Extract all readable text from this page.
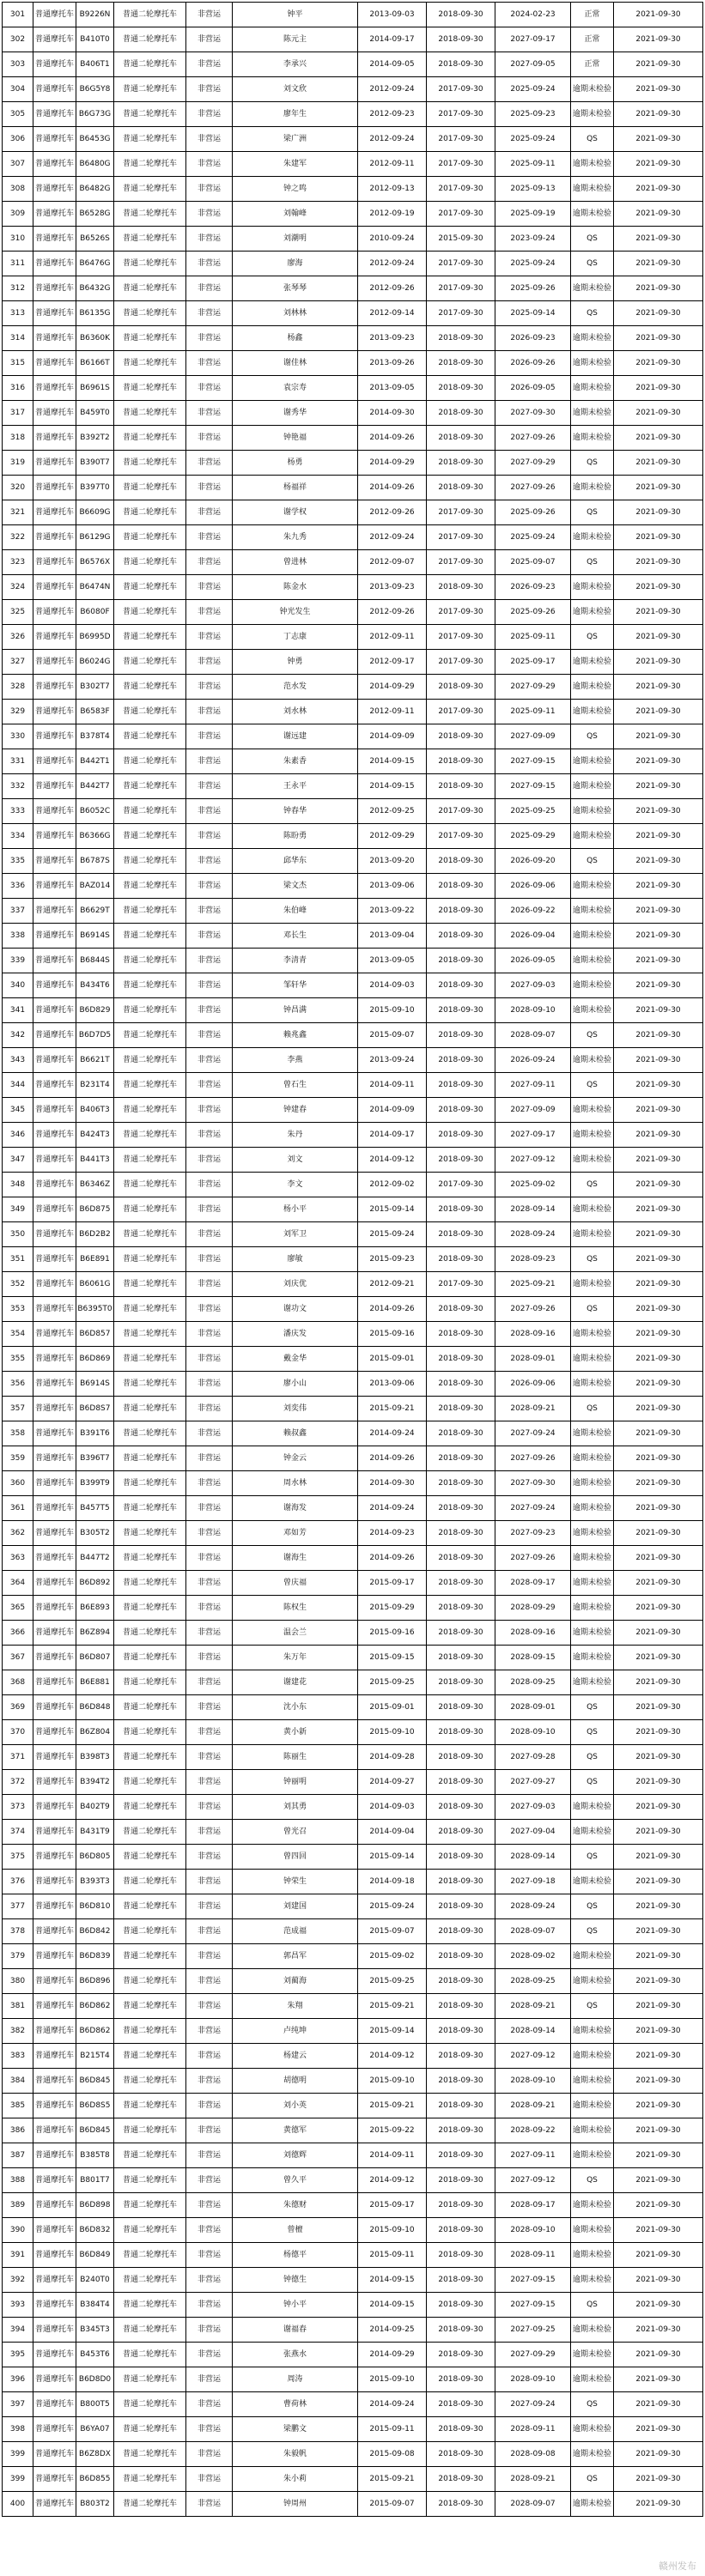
301	普通摩托车	B9226N	普通二轮摩托车	非营运	钟平	2013-09-03	2018-09-30	2024-02-23	正常	2021-09-30
302	普通摩托车	B410T0	普通二轮摩托车	非营运	陈元主	2014-09-17	2018-09-30	2027-09-17	正常	2021-09-30
303	普通摩托车	B406T1	普通二轮摩托车	非营运	李承兴	2014-09-05	2018-09-30	2027-09-05	正常	2021-09-30
304	普通摩托车	B6G5Y8	普通二轮摩托车	非营运	刘文欣	2012-09-24	2017-09-30	2025-09-24	逾期未检验	2021-09-30
305	普通摩托车	B6G73G	普通二轮摩托车	非营运	廖年生	2012-09-23	2017-09-30	2025-09-23	逾期未检验	2021-09-30
306	普通摩托车	B6453G	普通二轮摩托车	非营运	梁广洲	2012-09-24	2017-09-30	2025-09-24	QS	2021-09-30
307	普通摩托车	B6480G	普通二轮摩托车	非营运	朱建军	2012-09-11	2017-09-30	2025-09-11	逾期未检验	2021-09-30
308	普通摩托车	B6482G	普通二轮摩托车	非营运	钟之鸣	2012-09-13	2017-09-30	2025-09-13	逾期未检验	2021-09-30
309	普通摩托车	B6528G	普通二轮摩托车	非营运	刘翰峰	2012-09-19	2017-09-30	2025-09-19	逾期未检验	2021-09-30
310	普通摩托车	B6526S	普通二轮摩托车	非营运	刘潮明	2010-09-24	2015-09-30	2023-09-24	QS	2021-09-30
311	普通摩托车	B6476G	普通二轮摩托车	非营运	廖海	2012-09-24	2017-09-30	2025-09-24	QS	2021-09-30
312	普通摩托车	B6432G	普通二轮摩托车	非营运	张琴琴	2012-09-26	2017-09-30	2025-09-26	逾期未检验	2021-09-30
313	普通摩托车	B6135G	普通二轮摩托车	非营运	刘林林	2012-09-14	2017-09-30	2025-09-14	QS	2021-09-30
314	普通摩托车	B6360K	普通二轮摩托车	非营运	杨鑫	2013-09-23	2018-09-30	2026-09-23	逾期未检验	2021-09-30
315	普通摩托车	B6166T	普通二轮摩托车	非营运	谢佳林	2013-09-26	2018-09-30	2026-09-26	逾期未检验	2021-09-30
316	普通摩托车	B6961S	普通二轮摩托车	非营运	袁宗寿	2013-09-05	2018-09-30	2026-09-05	逾期未检验	2021-09-30
317	普通摩托车	B459T0	普通二轮摩托车	非营运	谢秀华	2014-09-30	2018-09-30	2027-09-30	逾期未检验	2021-09-30
318	普通摩托车	B392T2	普通二轮摩托车	非营运	钟艳福	2014-09-26	2018-09-30	2027-09-26	逾期未检验	2021-09-30
319	普通摩托车	B390T7	普通二轮摩托车	非营运	杨勇	2014-09-29	2018-09-30	2027-09-29	QS	2021-09-30
320	普通摩托车	B397T0	普通二轮摩托车	非营运	杨福祥	2014-09-26	2018-09-30	2027-09-26	逾期未检验	2021-09-30
321	普通摩托车	B6609G	普通二轮摩托车	非营运	谢学权	2012-09-26	2017-09-30	2025-09-26	QS	2021-09-30
322	普通摩托车	B6129G	普通二轮摩托车	非营运	朱九秀	2012-09-24	2017-09-30	2025-09-24	逾期未检验	2021-09-30
323	普通摩托车	B6576X	普通二轮摩托车	非营运	曾进林	2012-09-07	2017-09-30	2025-09-07	QS	2021-09-30
324	普通摩托车	B6474N	普通二轮摩托车	非营运	陈金水	2013-09-23	2018-09-30	2026-09-23	逾期未检验	2021-09-30
325	普通摩托车	B6080F	普通二轮摩托车	非营运	钟光发生	2012-09-26	2017-09-30	2025-09-26	逾期未检验	2021-09-30
326	普通摩托车	B6995D	普通二轮摩托车	非营运	丁志康	2012-09-11	2017-09-30	2025-09-11	QS	2021-09-30
327	普通摩托车	B6024G	普通二轮摩托车	非营运	钟勇	2012-09-17	2017-09-30	2025-09-17	逾期未检验	2021-09-30
328	普通摩托车	B302T7	普通二轮摩托车	非营运	范水发	2014-09-29	2018-09-30	2027-09-29	逾期未检验	2021-09-30
329	普通摩托车	B6583F	普通二轮摩托车	非营运	刘水林	2012-09-11	2017-09-30	2025-09-11	逾期未检验	2021-09-30
330	普通摩托车	B378T4	普通二轮摩托车	非营运	谢远建	2014-09-09	2018-09-30	2027-09-09	QS	2021-09-30
331	普通摩托车	B442T1	普通二轮摩托车	非营运	朱素香	2014-09-15	2018-09-30	2027-09-15	逾期未检验	2021-09-30
332	普通摩托车	B442T7	普通二轮摩托车	非营运	王永平	2014-09-15	2018-09-30	2027-09-15	逾期未检验	2021-09-30
333	普通摩托车	B6052C	普通二轮摩托车	非营运	钟春华	2012-09-25	2017-09-30	2025-09-25	逾期未检验	2021-09-30
334	普通摩托车	B6366G	普通二轮摩托车	非营运	陈盼勇	2012-09-29	2017-09-30	2025-09-29	逾期未检验	2021-09-30
335	普通摩托车	B6787S	普通二轮摩托车	非营运	邱华东	2013-09-20	2018-09-30	2026-09-20	QS	2021-09-30
336	普通摩托车	BAZ014	普通二轮摩托车	非营运	梁文杰	2013-09-06	2018-09-30	2026-09-06	逾期未检验	2021-09-30
337	普通摩托车	B6629T	普通二轮摩托车	非营运	朱伯峰	2013-09-22	2018-09-30	2026-09-22	逾期未检验	2021-09-30
338	普通摩托车	B6914S	普通二轮摩托车	非营运	邓长生	2013-09-04	2018-09-30	2026-09-04	逾期未检验	2021-09-30
339	普通摩托车	B6844S	普通二轮摩托车	非营运	李清青	2013-09-05	2018-09-30	2026-09-05	逾期未检验	2021-09-30
340	普通摩托车	B434T6	普通二轮摩托车	非营运	邹轩华	2014-09-03	2018-09-30	2027-09-03	逾期未检验	2021-09-30
341	普通摩托车	B6D829	普通二轮摩托车	非营运	钟昌满	2015-09-10	2018-09-30	2028-09-10	逾期未检验	2021-09-30
342	普通摩托车	B6D7D5	普通二轮摩托车	非营运	赖兆鑫	2015-09-07	2018-09-30	2028-09-07	QS	2021-09-30
343	普通摩托车	B6621T	普通二轮摩托车	非营运	李燕	2013-09-24	2018-09-30	2026-09-24	逾期未检验	2021-09-30
344	普通摩托车	B231T4	普通二轮摩托车	非营运	曾石生	2014-09-11	2018-09-30	2027-09-11	QS	2021-09-30
345	普通摩托车	B406T3	普通二轮摩托车	非营运	钟建春	2014-09-09	2018-09-30	2027-09-09	逾期未检验	2021-09-30
346	普通摩托车	B424T3	普通二轮摩托车	非营运	朱丹	2014-09-17	2018-09-30	2027-09-17	逾期未检验	2021-09-30
347	普通摩托车	B441T3	普通二轮摩托车	非营运	刘文	2014-09-12	2018-09-30	2027-09-12	逾期未检验	2021-09-30
348	普通摩托车	B6346Z	普通二轮摩托车	非营运	李文	2012-09-02	2017-09-30	2025-09-02	QS	2021-09-30
349	普通摩托车	B6D875	普通二轮摩托车	非营运	杨小平	2015-09-14	2018-09-30	2028-09-14	逾期未检验	2021-09-30
350	普通摩托车	B6D2B2	普通二轮摩托车	非营运	刘军卫	2015-09-24	2018-09-30	2028-09-24	逾期未检验	2021-09-30
351	普通摩托车	B6E891	普通二轮摩托车	非营运	廖敏	2015-09-23	2018-09-30	2028-09-23	QS	2021-09-30
352	普通摩托车	B6061G	普通二轮摩托车	非营运	刘庆优	2012-09-21	2017-09-30	2025-09-21	逾期未检验	2021-09-30
353	普通摩托车	B6395T0	普通二轮摩托车	非营运	谢功文	2014-09-26	2018-09-30	2027-09-26	QS	2021-09-30
354	普通摩托车	B6D857	普通二轮摩托车	非营运	潘庆发	2015-09-16	2018-09-30	2028-09-16	逾期未检验	2021-09-30
355	普通摩托车	B6D869	普通二轮摩托车	非营运	戴金华	2015-09-01	2018-09-30	2028-09-01	逾期未检验	2021-09-30
356	普通摩托车	B6914S	普通二轮摩托车	非营运	廖小山	2013-09-06	2018-09-30	2026-09-06	逾期未检验	2021-09-30
357	普通摩托车	B6D8S7	普通二轮摩托车	非营运	刘奕伟	2015-09-21	2018-09-30	2028-09-21	QS	2021-09-30
358	普通摩托车	B391T6	普通二轮摩托车	非营运	赖叔鑫	2014-09-24	2018-09-30	2027-09-24	逾期未检验	2021-09-30
359	普通摩托车	B396T7	普通二轮摩托车	非营运	钟金云	2014-09-26	2018-09-30	2027-09-26	逾期未检验	2021-09-30
360	普通摩托车	B399T9	普通二轮摩托车	非营运	周水林	2014-09-30	2018-09-30	2027-09-30	逾期未检验	2021-09-30
361	普通摩托车	B457T5	普通二轮摩托车	非营运	谢海发	2014-09-24	2018-09-30	2027-09-24	逾期未检验	2021-09-30
362	普通摩托车	B305T2	普通二轮摩托车	非营运	邓如芳	2014-09-23	2018-09-30	2027-09-23	逾期未检验	2021-09-30
363	普通摩托车	B447T2	普通二轮摩托车	非营运	谢海生	2014-09-26	2018-09-30	2027-09-26	逾期未检验	2021-09-30
364	普通摩托车	B6D892	普通二轮摩托车	非营运	曾庆福	2015-09-17	2018-09-30	2028-09-17	逾期未检验	2021-09-30
365	普通摩托车	B6E893	普通二轮摩托车	非营运	陈权生	2015-09-29	2018-09-30	2028-09-29	逾期未检验	2021-09-30
366	普通摩托车	B6Z894	普通二轮摩托车	非营运	温会兰	2015-09-16	2018-09-30	2028-09-16	逾期未检验	2021-09-30
367	普通摩托车	B6D807	普通二轮摩托车	非营运	朱万年	2015-09-15	2018-09-30	2028-09-15	逾期未检验	2021-09-30
368	普通摩托车	B6E881	普通二轮摩托车	非营运	谢建花	2015-09-25	2018-09-30	2028-09-25	逾期未检验	2021-09-30
369	普通摩托车	B6D848	普通二轮摩托车	非营运	沈小东	2015-09-01	2018-09-30	2028-09-01	QS	2021-09-30
370	普通摩托车	B6Z804	普通二轮摩托车	非营运	黄小新	2015-09-10	2018-09-30	2028-09-10	QS	2021-09-30
371	普通摩托车	B398T3	普通二轮摩托车	非营运	陈丽生	2014-09-28	2018-09-30	2027-09-28	QS	2021-09-30
372	普通摩托车	B394T2	普通二轮摩托车	非营运	钟丽明	2014-09-27	2018-09-30	2027-09-27	QS	2021-09-30
373	普通摩托车	B402T9	普通二轮摩托车	非营运	刘其勇	2014-09-03	2018-09-30	2027-09-03	逾期未检验	2021-09-30
374	普通摩托车	B431T9	普通二轮摩托车	非营运	曾光召	2014-09-04	2018-09-30	2027-09-04	逾期未检验	2021-09-30
375	普通摩托车	B6D805	普通二轮摩托车	非营运	曾四回	2015-09-14	2018-09-30	2028-09-14	QS	2021-09-30
376	普通摩托车	B393T3	普通二轮摩托车	非营运	钟荣生	2014-09-18	2018-09-30	2027-09-18	逾期未检验	2021-09-30
377	普通摩托车	B6D810	普通二轮摩托车	非营运	刘建国	2015-09-24	2018-09-30	2028-09-24	QS	2021-09-30
378	普通摩托车	B6D842	普通二轮摩托车	非营运	范成福	2015-09-07	2018-09-30	2028-09-07	QS	2021-09-30
379	普通摩托车	B6D839	普通二轮摩托车	非营运	郭昌军	2015-09-02	2018-09-30	2028-09-02	逾期未检验	2021-09-30
380	普通摩托车	B6D896	普通二轮摩托车	非营运	刘蔺海	2015-09-25	2018-09-30	2028-09-25	逾期未检验	2021-09-30
381	普通摩托车	B6D862	普通二轮摩托车	非营运	朱翔	2015-09-21	2018-09-30	2028-09-21	QS	2021-09-30
382	普通摩托车	B6D862	普通二轮摩托车	非营运	卢纯坤	2015-09-14	2018-09-30	2028-09-14	逾期未检验	2021-09-30
383	普通摩托车	B215T4	普通二轮摩托车	非营运	杨建云	2014-09-12	2018-09-30	2027-09-12	逾期未检验	2021-09-30
384	普通摩托车	B6D845	普通二轮摩托车	非营运	胡德明	2015-09-10	2018-09-30	2028-09-10	逾期未检验	2021-09-30
385	普通摩托车	B6D8S5	普通二轮摩托车	非营运	刘小英	2015-09-21	2018-09-30	2028-09-21	逾期未检验	2021-09-30
386	普通摩托车	B6D845	普通二轮摩托车	非营运	黄德军	2015-09-22	2018-09-30	2028-09-22	逾期未检验	2021-09-30
387	普通摩托车	B385T8	普通二轮摩托车	非营运	刘德辉	2014-09-11	2018-09-30	2027-09-11	逾期未检验	2021-09-30
388	普通摩托车	B801T7	普通二轮摩托车	非营运	曾久平	2014-09-12	2018-09-30	2027-09-12	QS	2021-09-30
389	普通摩托车	B6D898	普通二轮摩托车	非营运	朱德财	2015-09-17	2018-09-30	2028-09-17	逾期未检验	2021-09-30
390	普通摩托车	B6D832	普通二轮摩托车	非营运	曾檀	2015-09-10	2018-09-30	2028-09-10	逾期未检验	2021-09-30
391	普通摩托车	B6D849	普通二轮摩托车	非营运	杨德平	2015-09-11	2018-09-30	2028-09-11	逾期未检验	2021-09-30
392	普通摩托车	B240T0	普通二轮摩托车	非营运	钟德生	2014-09-15	2018-09-30	2027-09-15	逾期未检验	2021-09-30
393	普通摩托车	B384T4	普通二轮摩托车	非营运	钟小平	2014-09-15	2018-09-30	2027-09-15	QS	2021-09-30
394	普通摩托车	B345T3	普通二轮摩托车	非营运	谢福春	2014-09-25	2018-09-30	2027-09-25	逾期未检验	2021-09-30
395	普通摩托车	B453T6	普通二轮摩托车	非营运	张燕水	2014-09-29	2018-09-30	2027-09-29	逾期未检验	2021-09-30
396	普通摩托车	B6D8D0	普通二轮摩托车	非营运	周涛	2015-09-10	2018-09-30	2028-09-10	逾期未检验	2021-09-30
397	普通摩托车	B800T5	普通二轮摩托车	非营运	曹荷林	2014-09-24	2018-09-30	2027-09-24	QS	2021-09-30
398	普通摩托车	B6YA07	普通二轮摩托车	非营运	梁鹏文	2015-09-11	2018-09-30	2028-09-11	逾期未检验	2021-09-30
399	普通摩托车	B6Z8DX	普通二轮摩托车	非营运	朱毅帆	2015-09-08	2018-09-30	2028-09-08	逾期未检验	2021-09-30
399	普通摩托车	B6D855	普通二轮摩托车	非营运	朱小莉	2015-09-21	2018-09-30	2028-09-21	QS	2021-09-30
400	普通摩托车	B803T2	普通二轮摩托车	非营运	钟周州	2015-09-07	2018-09-30	2028-09-07	逾期未检验	2021-09-30
赣州发布
